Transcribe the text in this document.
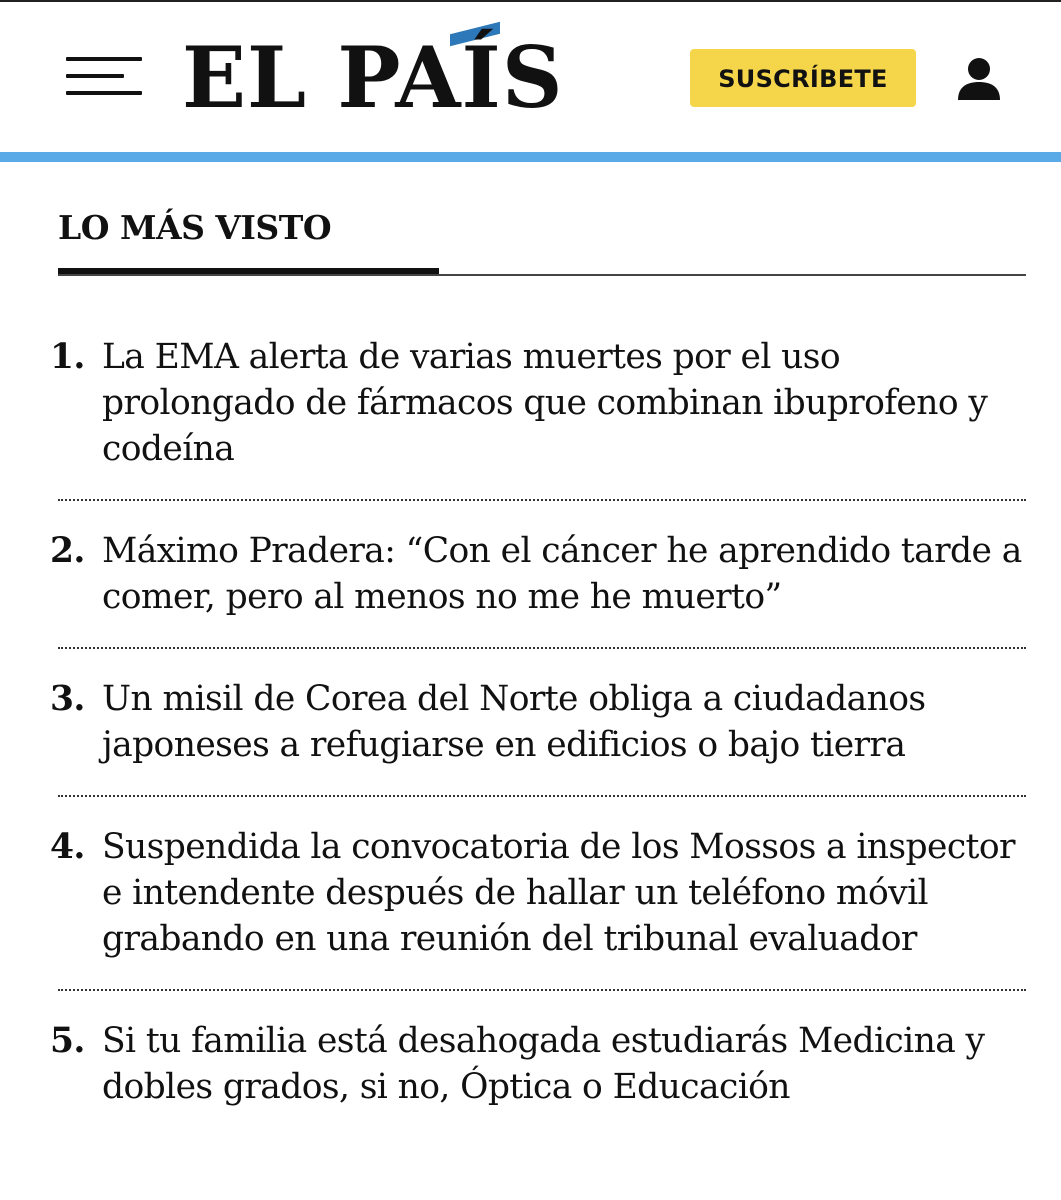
EL PAÍS	SUSCRÍBETE
LO MÁS VISTO
1. La EMA alerta de varias muertes por el uso prolongado de fármacos que combinan ibuprofeno y codeína
2. Máximo Pradera: “Con el cáncer he aprendido tarde a comer, pero al menos no me he muerto”
3. Un misil de Corea del Norte obliga a ciudadanos japoneses a refugiarse en edificios o bajo tierra
4. Suspendida la convocatoria de los Mossos a inspector e intendente después de hallar un teléfono móvil grabando en una reunión del tribunal evaluador
5. Si tu familia está desahogada estudiarás Medicina y dobles grados, si no, Óptica o Educación
